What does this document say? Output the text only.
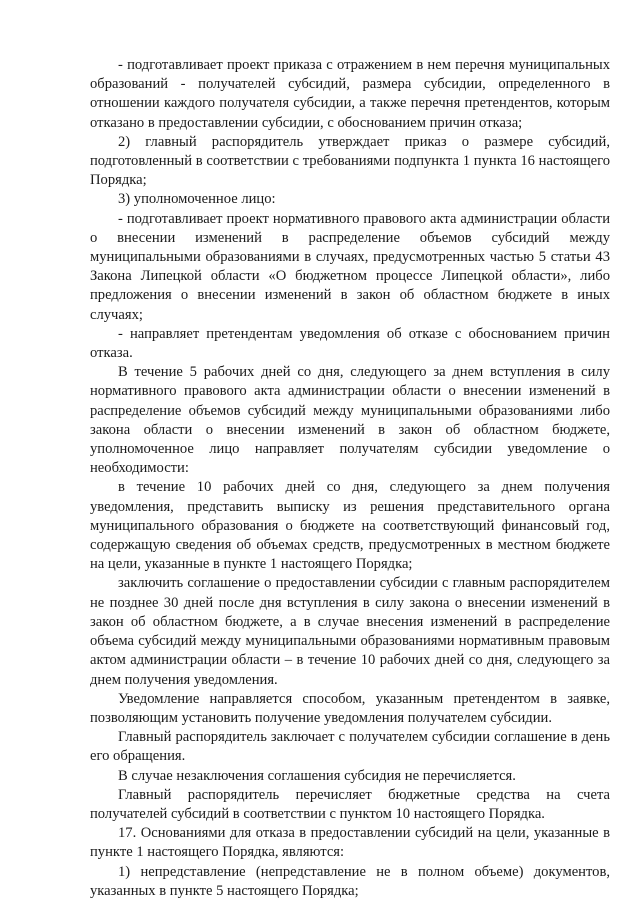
- подготавливает проект приказа с отражением в нем перечня муниципальных образований - получателей субсидий, размера субсидии, определенного в отношении каждого получателя субсидии, а также перечня претендентов, которым отказано в предоставлении субсидии, с обоснованием причин отказа;

2) главный распорядитель утверждает приказ о размере субсидий, подготовленный в соответствии с требованиями подпункта 1 пункта 16 настоящего Порядка;

3) уполномоченное лицо:

- подготавливает проект нормативного правового акта администрации области о внесении изменений в распределение объемов субсидий между муниципальными образованиями в случаях, предусмотренных частью 5 статьи 43 Закона Липецкой области «О бюджетном процессе Липецкой области», либо предложения о внесении изменений в закон об областном бюджете в иных случаях;

- направляет претендентам уведомления об отказе с обоснованием причин отказа.

В течение 5 рабочих дней со дня, следующего за днем вступления в силу нормативного правового акта администрации области о внесении изменений в распределение объемов субсидий между муниципальными образованиями либо закона области о внесении изменений в закон об областном бюджете, уполномоченное лицо направляет получателям субсидии уведомление о необходимости:

в течение 10 рабочих дней со дня, следующего за днем получения уведомления, представить выписку из решения представительного органа муниципального образования о бюджете на соответствующий финансовый год, содержащую сведения об объемах средств, предусмотренных в местном бюджете на цели, указанные в пункте 1 настоящего Порядка;

заключить соглашение о предоставлении субсидии с главным распорядителем не позднее 30 дней после дня вступления в силу закона о внесении изменений в закон об областном бюджете, а в случае внесения изменений в распределение объема субсидий между муниципальными образованиями нормативным правовым актом администрации области – в течение 10 рабочих дней со дня, следующего за днем получения уведомления.

Уведомление направляется способом, указанным претендентом в заявке, позволяющим установить получение уведомления получателем субсидии.

Главный распорядитель заключает с получателем субсидии соглашение в день его обращения.

В случае незаключения соглашения субсидия не перечисляется.

Главный распорядитель перечисляет бюджетные средства на счета получателей субсидий в соответствии с пунктом 10 настоящего Порядка.

17. Основаниями для отказа в предоставлении субсидий на цели, указанные в пункте 1 настоящего Порядка, являются:

1) непредставление (непредставление не в полном объеме) документов, указанных в пункте 5 настоящего Порядка;
